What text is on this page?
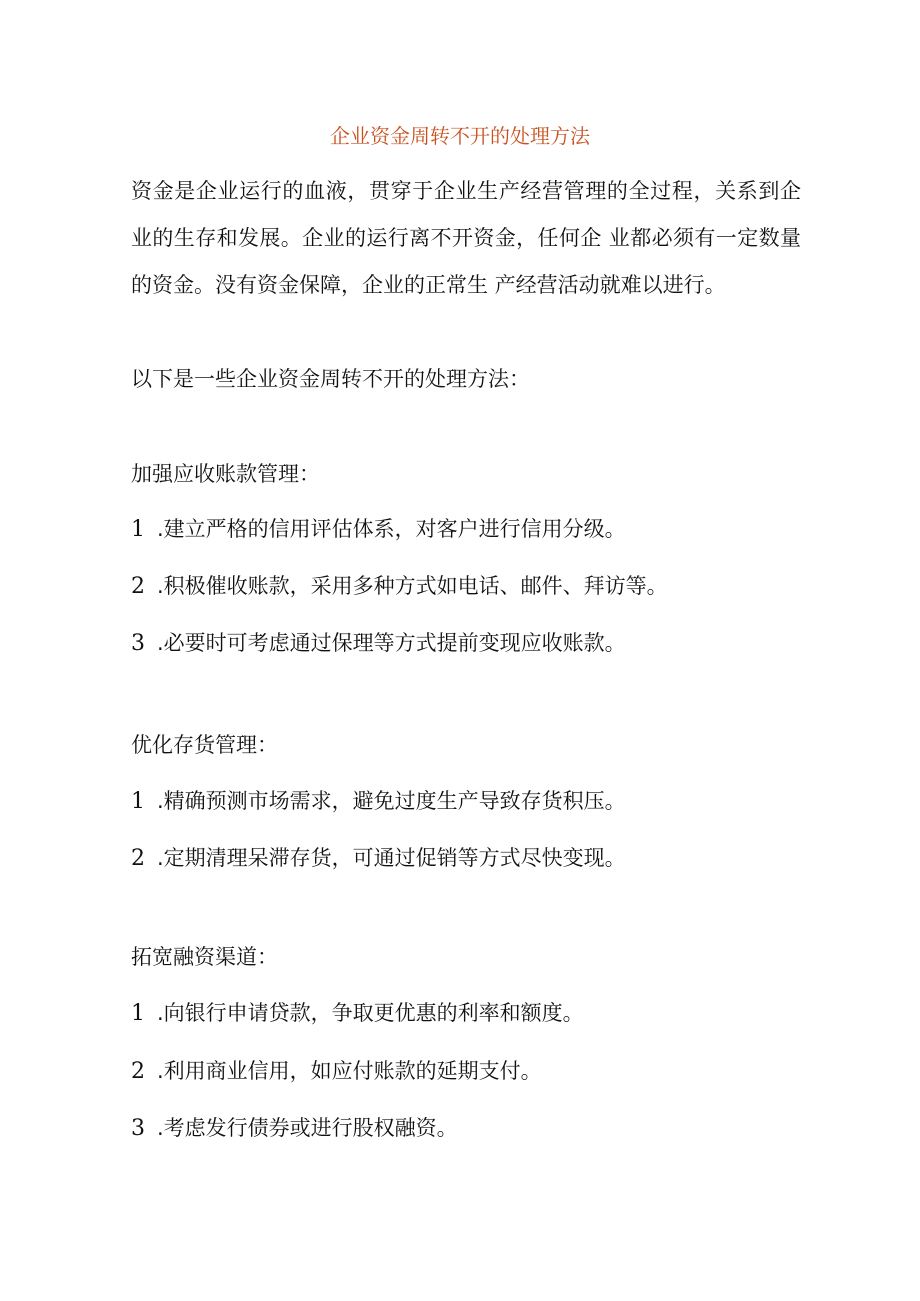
企业资金周转不开的处理方法

资金是企业运行的血液，贯穿于企业生产经营管理的全过程，关系到企业的生存和发展。企业的运行离不开资金，任何企 业都必须有一定数量的资金。没有资金保障，企业的正常生 产经营活动就难以进行。

以下是一些企业资金周转不开的处理方法：

加强应收账款管理：

1 .建立严格的信用评估体系，对客户进行信用分级。

2 .积极催收账款，采用多种方式如电话、邮件、拜访等。

3 .必要时可考虑通过保理等方式提前变现应收账款。

优化存货管理：

1 .精确预测市场需求，避免过度生产导致存货积压。

2 .定期清理呆滞存货，可通过促销等方式尽快变现。

拓宽融资渠道：

1 .向银行申请贷款，争取更优惠的利率和额度。

2 .利用商业信用，如应付账款的延期支付。

3 .考虑发行债券或进行股权融资。
